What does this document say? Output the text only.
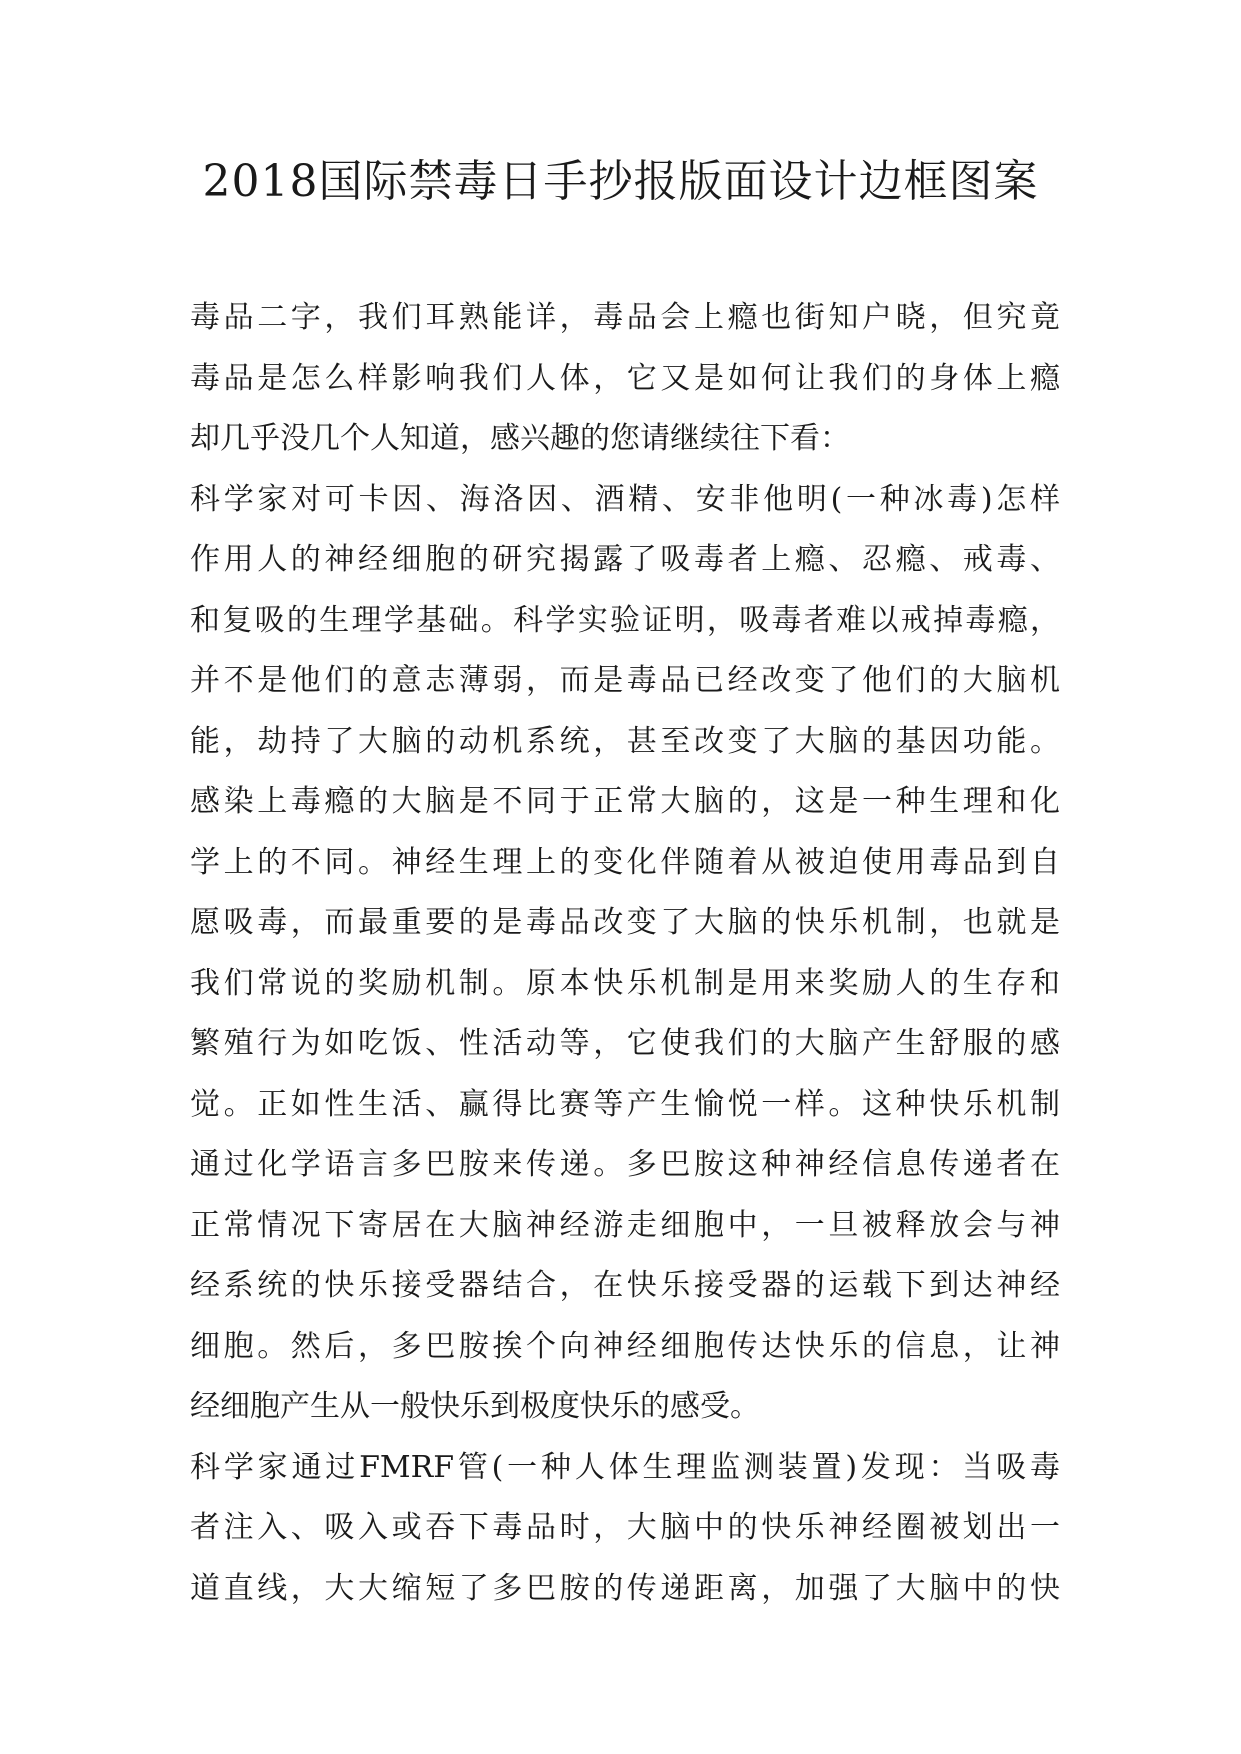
2018国际禁毒日手抄报版面设计边框图案
毒品二字，我们耳熟能详，毒品会上瘾也街知户晓，但究竟
毒品是怎么样影响我们人体，它又是如何让我们的身体上瘾
却几乎没几个人知道，感兴趣的您请继续往下看：
科学家对可卡因、海洛因、酒精、安非他明(一种冰毒)怎样
作用人的神经细胞的研究揭露了吸毒者上瘾、忍瘾、戒毒、
和复吸的生理学基础。科学实验证明，吸毒者难以戒掉毒瘾，
并不是他们的意志薄弱，而是毒品已经改变了他们的大脑机
能，劫持了大脑的动机系统，甚至改变了大脑的基因功能。
感染上毒瘾的大脑是不同于正常大脑的，这是一种生理和化
学上的不同。神经生理上的变化伴随着从被迫使用毒品到自
愿吸毒，而最重要的是毒品改变了大脑的快乐机制，也就是
我们常说的奖励机制。原本快乐机制是用来奖励人的生存和
繁殖行为如吃饭、性活动等，它使我们的大脑产生舒服的感
觉。正如性生活、赢得比赛等产生愉悦一样。这种快乐机制
通过化学语言多巴胺来传递。多巴胺这种神经信息传递者在
正常情况下寄居在大脑神经游走细胞中，一旦被释放会与神
经系统的快乐接受器结合，在快乐接受器的运载下到达神经
细胞。然后，多巴胺挨个向神经细胞传达快乐的信息，让神
经细胞产生从一般快乐到极度快乐的感受。
科学家通过FMRF管(一种人体生理监测装置)发现：当吸毒
者注入、吸入或吞下毒品时，大脑中的快乐神经圈被划出一
道直线，大大缩短了多巴胺的传递距离，加强了大脑中的快
